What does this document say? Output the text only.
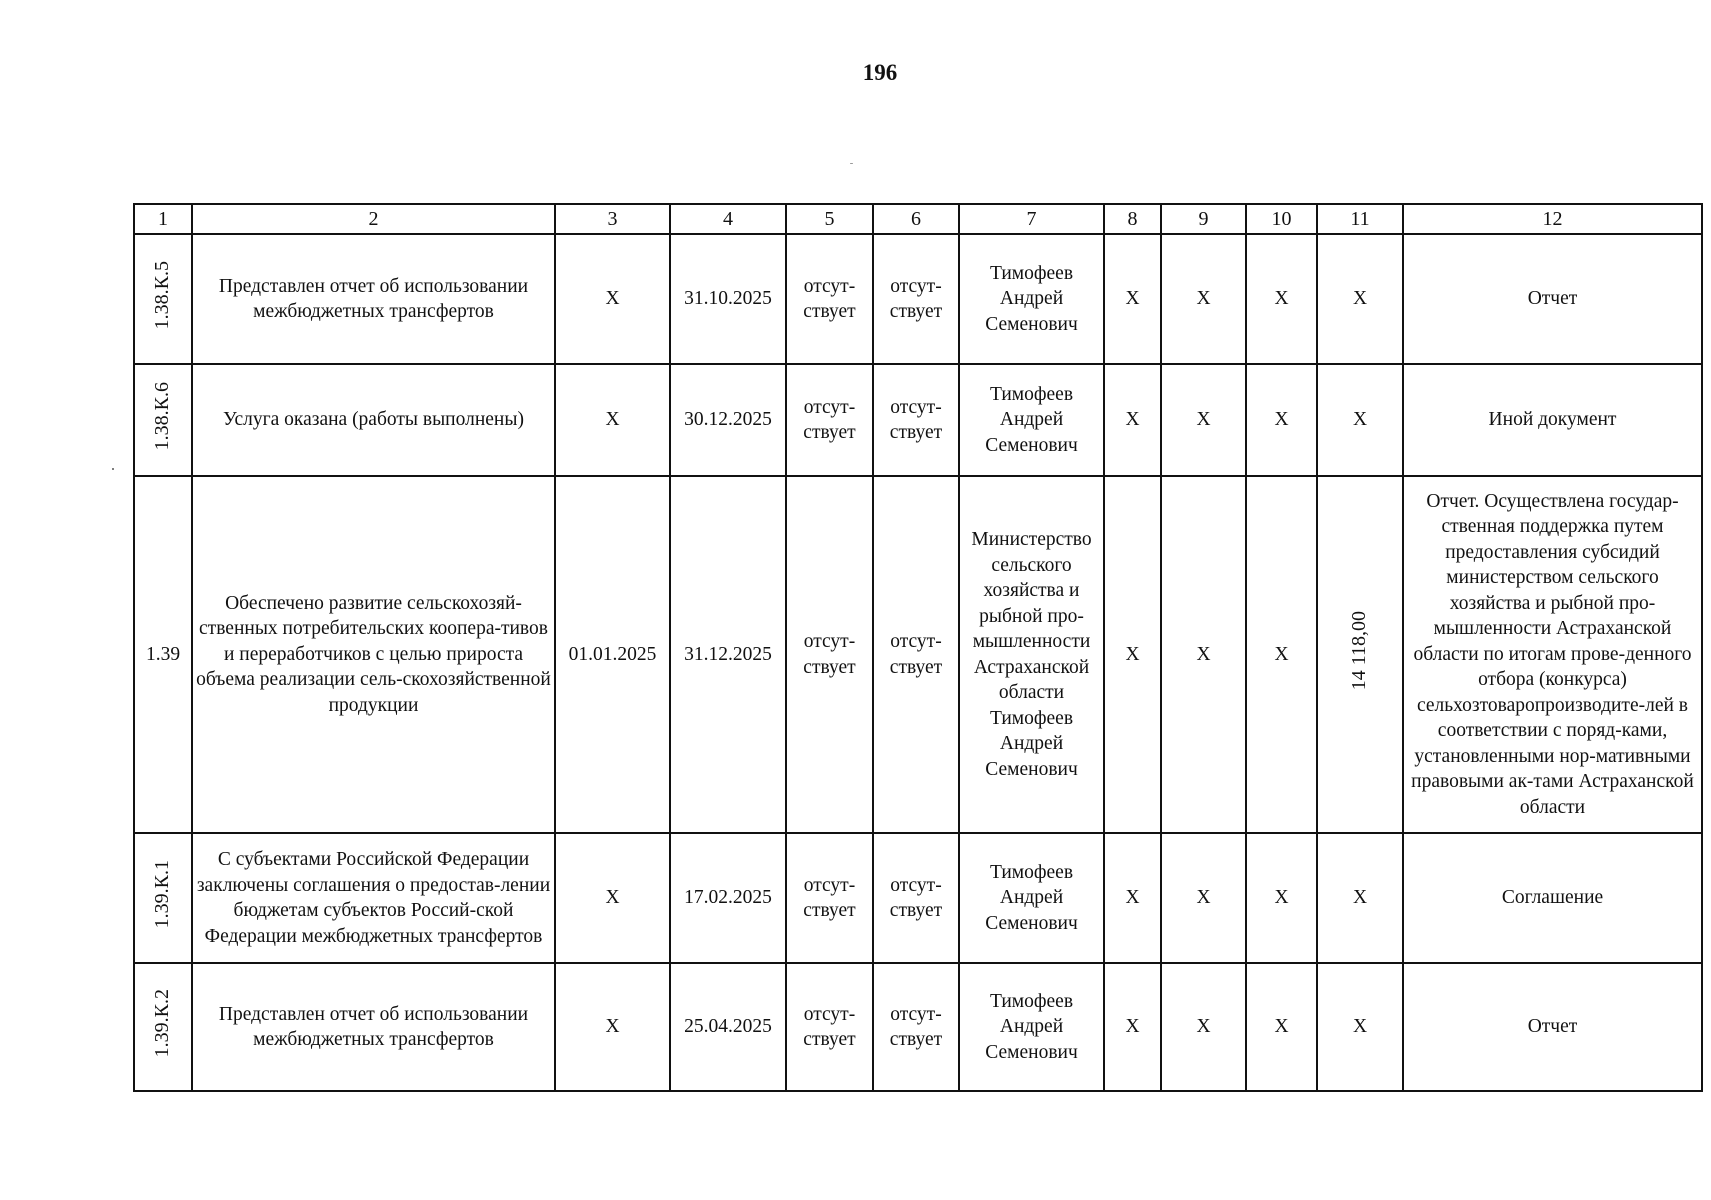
196
1	2	3	4	5	6	7	8	9	10	11	12
1.38.К.5	Представлен отчет об использовании межбюджетных трансфертов	X	31.10.2025	отсут-ствует	отсут-ствует	Тимофеев Андрей Семенович	X	X	X	X	Отчет
1.38.К.6	Услуга оказана (работы выполнены)	X	30.12.2025	отсут-ствует	отсут-ствует	Тимофеев Андрей Семенович	X	X	X	X	Иной документ
1.39	Обеспечено развитие сельскохозяй-ственных потребительских коопера-тивов и переработчиков с целью прироста объема реализации сель-скохозяйственной продукции	01.01.2025	31.12.2025	отсут-ствует	отсут-ствует	Министерство сельского хозяйства и рыбной про-мышленности Астраханской области Тимофеев Андрей Семенович	X	X	X	14 118,00	Отчет. Осуществлена государ-ственная поддержка путем предоставления субсидий министерством сельского хозяйства и рыбной про-мышленности Астраханской области по итогам прове-денного отбора (конкурса) сельхозтоваропроизводите-лей в соответствии с поряд-ками, установленными нор-мативными правовыми ак-тами Астраханской области
1.39.К.1	С субъектами Российской Федерации заключены соглашения о предостав-лении бюджетам субъектов Россий-ской Федерации межбюджетных трансфертов	X	17.02.2025	отсут-ствует	отсут-ствует	Тимофеев Андрей Семенович	X	X	X	X	Соглашение
1.39.К.2	Представлен отчет об использовании межбюджетных трансфертов	X	25.04.2025	отсут-ствует	отсут-ствует	Тимофеев Андрей Семенович	X	X	X	X	Отчет
